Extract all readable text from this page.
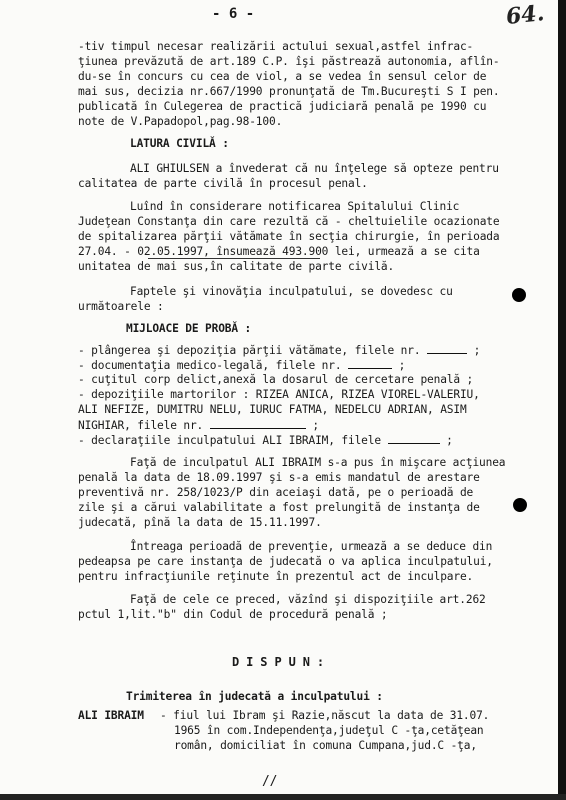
- 6 -	64.
-tiv timpul necesar realizării actului sexual,astfel infrac-
ţiunea prevăzută de art.189 C.P. îşi păstrează autonomia, aflîn-
du-se în concurs cu cea de viol, a se vedea în sensul celor de
mai sus, decizia nr.667/1990 pronunţată de Tm.Bucureşti S I pen.
publicată în Culegerea de practică judiciară penală pe 1990 cu
note de V.Papadopol,pag.98-100.
LATURA CIVILĂ :
ALI GHIULSEN a învederat că nu înţelege să opteze pentru
calitatea de parte civilă în procesul penal.
Luînd în considerare notificarea Spitalului Clinic
Judeţean Constanţa din care rezultă că - cheltuielile ocazionate
de spitalizarea părţii vătămate în secţia chirurgie, în perioada
27.04. - 02.05.1997, însumează 493.900 lei, urmează a se cita
unitatea de mai sus,în calitate de parte civilă.
Faptele şi vinovăţia inculpatului, se dovedesc cu
următoarele :
MIJLOACE DE PROBĂ :
- plângerea şi depoziţia părţii vătămate, filele nr.	;
- documentaţia medico-legală, filele nr.	;
- cuţitul corp delict,anexă la dosarul de cercetare penală ;
- depoziţiile martorilor : RIZEA ANICA, RIZEA VIOREL-VALERIU,
ALI NEFIZE, DUMITRU NELU, IURUC FATMA, NEDELCU ADRIAN, ASIM
NIGHIAR, filele nr.	;
- declaraţiile inculpatului ALI IBRAIM, filele	;
Faţă de inculpatul ALI IBRAIM s-a pus în mişcare acţiunea
penală la data de 18.09.1997 şi s-a emis mandatul de arestare
preventivă nr. 258/1023/P din aceiaşi dată, pe o perioadă de
zile şi a cărui valabilitate a fost prelungită de instanţa de
judecată, pînă la data de 15.11.1997.
Întreaga perioadă de prevenţie, urmează a se deduce din
pedeapsa pe care instanţa de judecată o va aplica inculpatului,
pentru infracţiunile reţinute în prezentul act de inculpare.
Faţă de cele ce preced, văzînd şi dispoziţiile art.262
pctul 1,lit."b" din Codul de procedură penală ;
D I S P U N :
Trimiterea în judecată a inculpatului :
ALI IBRAIM - fiul lui Ibram şi Razie,născut la data de 31.07.
1965 în com.Independenţa,judeţul C -ţa,cetăţean
român, domiciliat în comuna Cumpana,jud.C -ţa,
//
